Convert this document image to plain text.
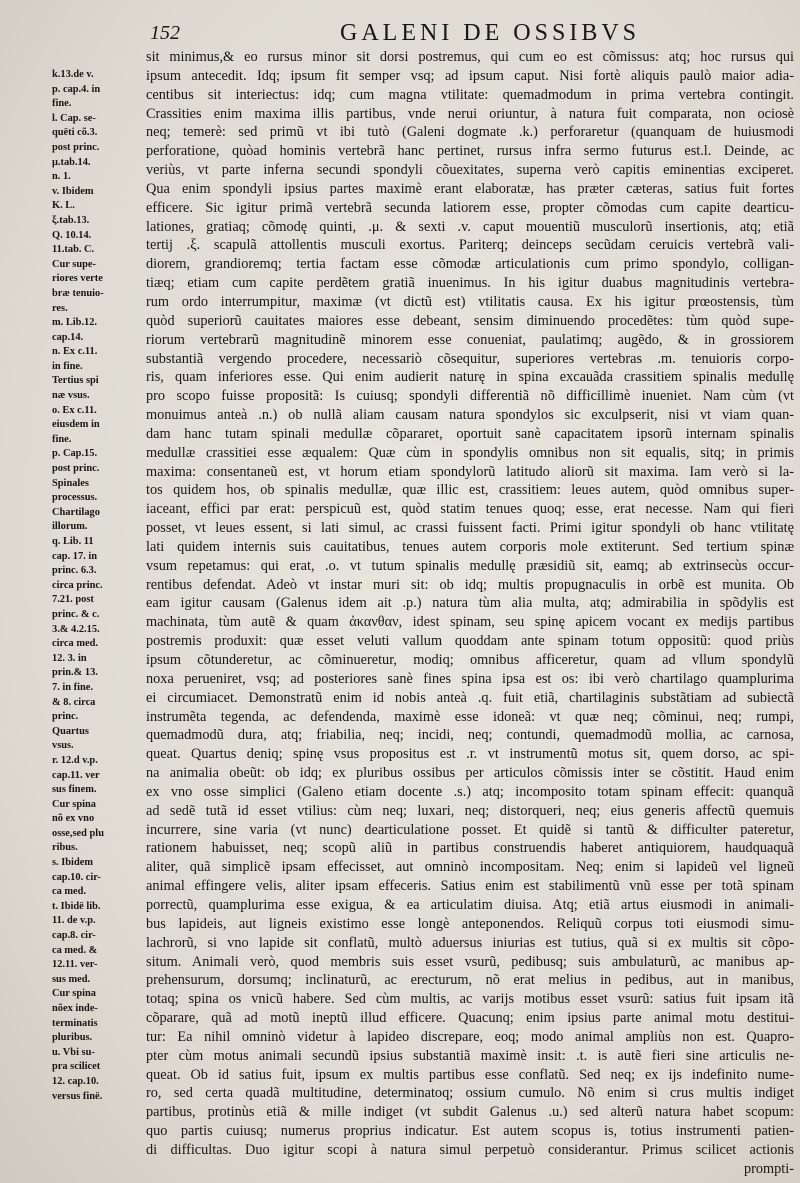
152	GALENI DE OSSIBVS
k.13.de v.
p. cap.4. in
fine.
l. Cap. se-
quëti cõ.3.
post princ.
μ.tab.14.
n. 1.
v. Ibidem
K. L.
ξ.tab.13.
Q. 10.14.
11.tab. C.
Cur supe-
riores verte
bræ tenuio-
res.
m. Lib.12.
cap.14.
n. Ex c.11.
in fine.
Tertius spi
næ vsus.
o. Ex c.11.
eiusdem in
fine.
p. Cap.15.
post princ.
Spinales
processus.
Chartilago
illorum.
q. Lib. 11
cap. 17. in
princ. 6.3.
circa princ.
7.21. post
princ. & c.
3.& 4.2.15.
circa med.
12. 3. in
prin.& 13.
7. in fine.
& 8. circa
princ.
Quartus
vsus.
r. 12.d v.p.
cap.11. ver
sus finem.
Cur spina
nõ ex vno
osse,sed plu
ribus.
s. Ibidem
cap.10. cir-
ca med.
t. Ibidë lib.
11. de v.p.
cap.8. cir-
ca med. &
12.11. ver-
sus med.
Cur spina
nõex inde-
terminatis
pluribus.
u. Vbi su-
pra scilicet
12. cap.10.
versus finë.
sit minimus,& eo rursus minor sit dorsi postremus, qui cum eo est cõmissus: atq; hoc rursus qui
ipsum antecedit. Idq; ipsum fit semper vsq; ad ipsum caput. Nisi fortè aliquis paulò maior adia-
centibus sit interiectus: idq; cum magna vtilitate: quemadmodum in prima vertebra contingit.
Crassities enim maxima illis partibus, vnde nerui oriuntur, à natura fuit comparata, non ociosè
neq; temerè: sed primũ vt ibi tutò (Galeni dogmate .k.) perforaretur (quanquam de huiusmodi
perforatione, quòad hominis vertebrã hanc pertinet, rursus infra sermo futurus est.l. Deinde, ac
veriùs, vt parte inferna secundi spondyli cõuexitates, superna verò capitis eminentias exciperet.
Qua enim spondyli ipsius partes maximè erant elaboratæ, has præter cæteras, satius fuit fortes
efficere. Sic igitur primã vertebrã secunda latiorem esse, propter cõmodas cum capite dearticu-
lationes, gratiaq; cõmodę quinti, .μ. & sexti .v. caput mouentiũ musculorũ insertionis, atq; etiã
tertij .ξ. scapulã attollentis musculi exortus. Pariterq; deinceps secũdam ceruicis vertebrã vali-
diorem, grandioremq; tertia factam esse cõmodæ articulationis cum primo spondylo, colligan-
tiæq; etiam cum capite perdẽtem gratiã inuenimus. In his igitur duabus magnitudinis vertebra-
rum ordo interrumpitur, maximæ (vt dictũ est) vtilitatis causa. Ex his igitur prœostensis, tùm
quòd superiorũ cauitates maiores esse debeant, sensim diminuendo procedẽtes: tùm quòd supe-
riorum vertebrarũ magnitudinẽ minorem esse conueniat, paulatimq; augẽdo, & in grossiorem
substantiã vergendo procedere, necessariò cõsequitur, superiores vertebras .m. tenuioris corpo-
ris, quam inferiores esse. Qui enim audierit naturę in spina excauãda crassitiem spinalis medullę
pro scopo fuisse propositã: Is cuiusq; spondyli differentiã nõ difficillimè inueniet. Nam cùm (vt
monuimus anteà .n.) ob nullã aliam causam natura spondylos sic exculpserit, nisi vt viam quan-
dam hanc tutam spinali medullæ cõpararet, oportuit sanè capacitatem ipsorũ internam spinalis
medullæ crassitiei esse æqualem: Quæ cùm in spondylis omnibus non sit equalis, sitq; in primis
maxima: consentaneũ est, vt horum etiam spondylorũ latitudo aliorũ sit maxima. Iam verò si la-
tos quidem hos, ob spinalis medullæ, quæ illic est, crassitiem: leues autem, quòd omnibus super-
iaceant, effici par erat: perspicuũ est, quòd statim tenues quoq; esse, erat necesse. Nam qui fieri
posset, vt leues essent, si lati simul, ac crassi fuissent facti. Primi igitur spondyli ob hanc vtilitatę
lati quidem internis suis cauitatibus, tenues autem corporis mole extiterunt. Sed tertium spinæ
vsum repetamus: qui erat, .o. vt tutum spinalis medullę præsidiũ sit, eamq; ab extrinsecùs occur-
rentibus defendat. Adeò vt instar muri sit: ob idq; multis propugnaculis in orbẽ est munita. Ob
eam igitur causam (Galenus idem ait .p.) natura tùm alia multa, atq; admirabilia in spõdylis est
machinata, tùm autẽ & quam ἀκανθαν, idest spinam, seu spinę apicem vocant ex medijs partibus
postremis produxit: quæ esset veluti vallum quoddam ante spinam totum oppositũ: quod priùs
ipsum cõtunderetur, ac cõminueretur, modiq; omnibus afficeretur, quam ad vllum spondylũ
noxa perueniret, vsq; ad posteriores sanè fines spina ipsa est os: ibi verò chartilago quamplurima
ei circumiacet. Demonstratũ enim id nobis anteà .q. fuit etiã, chartilaginis substãtiam ad subiectã
instrumẽta tegenda, ac defendenda, maximè esse idoneã: vt quæ neq; cõminui, neq; rumpi,
quemadmodũ dura, atq; friabilia, neq; incidi, neq; contundi, quemadmodũ mollia, ac carnosa,
queat. Quartus deniq; spinę vsus propositus est .r. vt instrumentũ motus sit, quem dorso, ac spi-
na animalia obeũt: ob idq; ex pluribus ossibus per articulos cõmissis inter se cõstitit. Haud enim
ex vno osse simplici (Galeno etiam docente .s.) atq; incomposito totam spinam effecit: quanquã
ad sedẽ tutã id esset vtilius: cùm neq; luxari, neq; distorqueri, neq; eius generis affectũ quemuis
incurrere, sine varia (vt nunc) dearticulatione posset. Et quidẽ si tantũ & difficulter pateretur,
rationem habuisset, neq; scopũ aliũ in partibus construendis haberet antiquiorem, haudquaquã
aliter, quã simplicẽ ipsam effecisset, aut omninò incompositam. Neq; enim si lapideũ vel ligneũ
animal effingere velis, aliter ipsam effeceris. Satius enim est stabilimentũ vnũ esse per totã spinam
porrectũ, quamplurima esse exigua, & ea articulatim diuisa. Atq; etiã artus eiusmodi in animali-
bus lapideis, aut ligneis existimo esse longè anteponendos. Reliquũ corpus toti eiusmodi simu-
lachrorũ, si vno lapide sit conflatũ, multò aduersus iniurias est tutius, quã si ex multis sit cõpo-
situm. Animali verò, quod membris suis esset vsurũ, pedibusq; suis ambulaturũ, ac manibus ap-
prehensurum, dorsumq; inclinaturũ, ac erecturum, nõ erat melius in pedibus, aut in manibus,
totaq; spina os vnicũ habere. Sed cùm multis, ac varijs motibus esset vsurũ: satius fuit ipsam itã
cõparare, quã ad motũ ineptũ illud efficere. Quacunq; enim ipsius parte animal motu destitui-
tur: Ea nihil omninò videtur à lapideo discrepare, eoq; modo animal ampliùs non est. Quapro-
pter cùm motus animali secundũ ipsius substantiã maximè insit: .t. is autẽ fieri sine articulis ne-
queat. Ob id satius fuit, ipsum ex multis partibus esse conflatũ. Sed neq; ex ijs indefinito nume-
ro, sed certa quadã multitudine, determinatoq; ossium cumulo. Nõ enim si crus multis indiget
partibus, protinùs etiã & mille indiget (vt subdit Galenus .u.) sed alterũ natura habet scopum:
quo partis cuiusq; numerus proprius indicatur. Est autem scopus is, totius instrumenti patien-
di difficultas. Duo igitur scopi à natura simul perpetuò considerantur. Primus scilicet actionis
prompti-
